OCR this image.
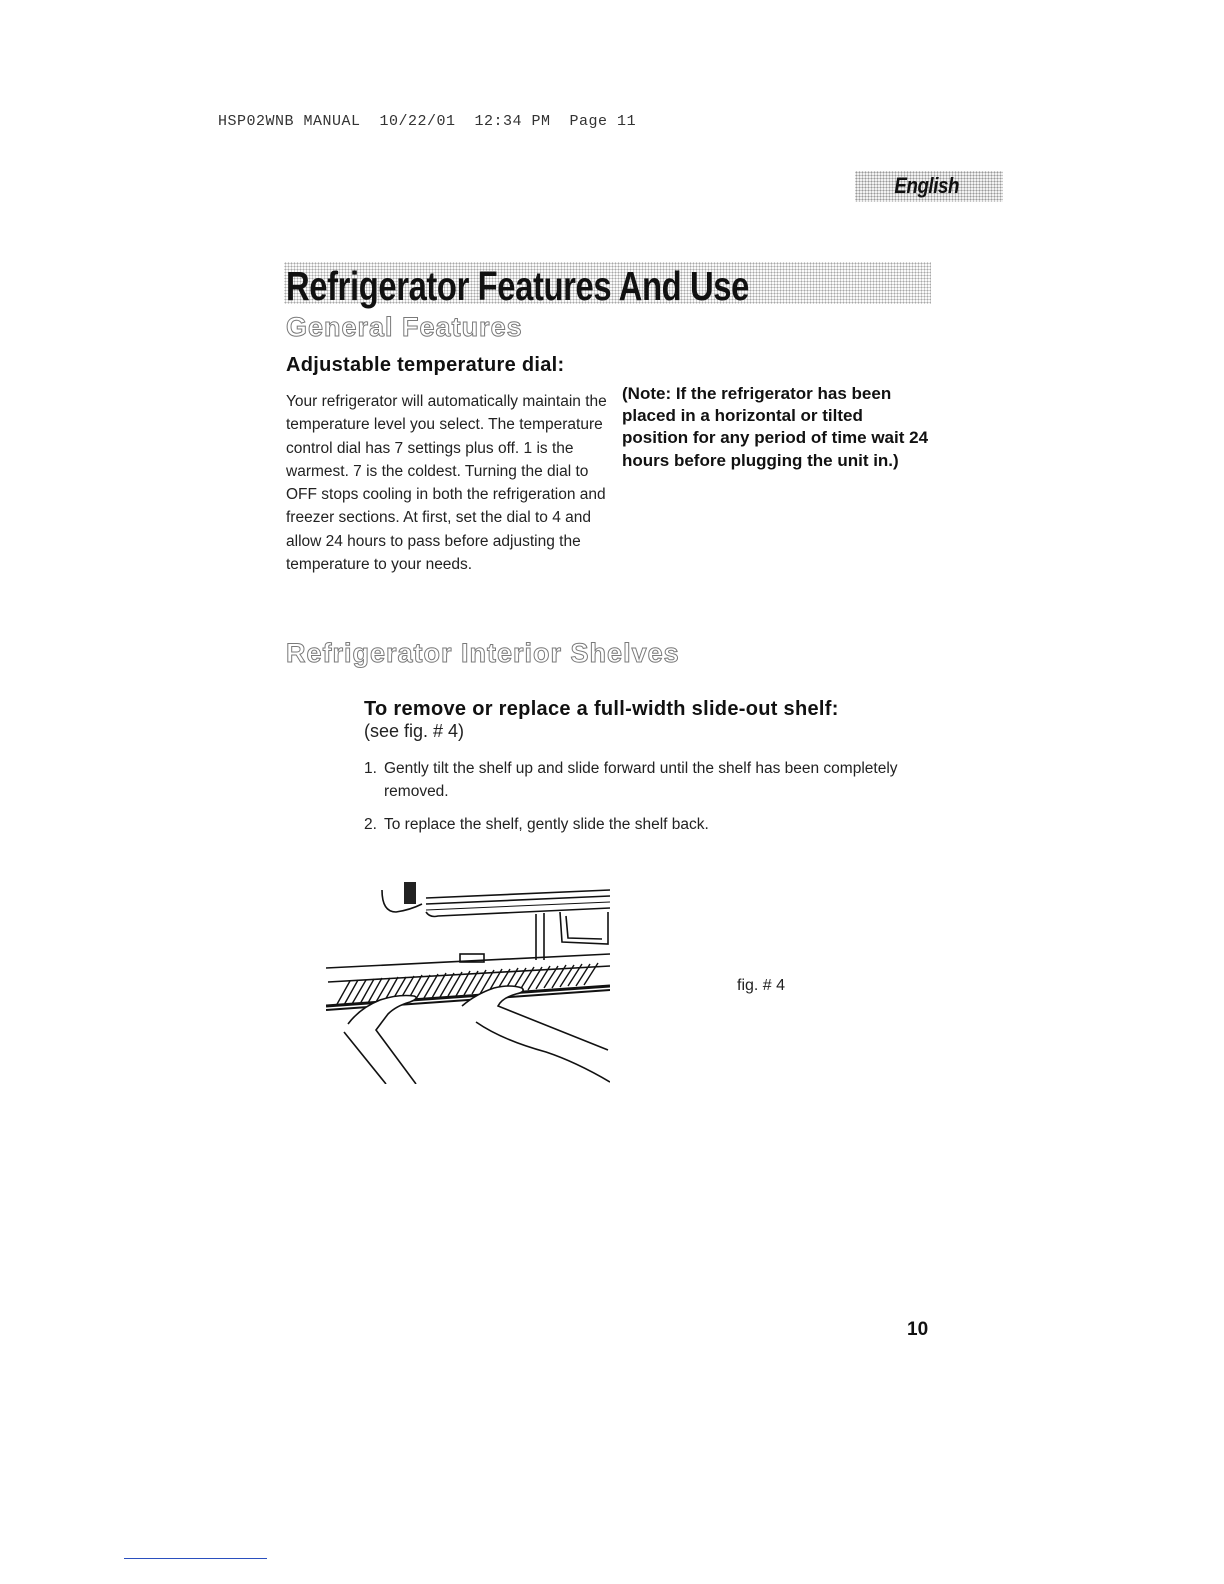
HSP02WNB MANUAL  10/22/01  12:34 PM  Page 11
English
Refrigerator Features And Use
General Features
Adjustable temperature dial:
Your refrigerator will automatically maintain the temperature level you select. The temperature control dial has 7 settings plus off. 1 is the warmest. 7 is the coldest. Turning the dial to OFF stops cooling in both the refrigeration and freezer sections. At first, set the dial to 4 and allow 24 hours to pass before adjusting the temperature to your needs.
(Note: If the refrigerator has been placed in a horizontal or tilted position for any period of time wait 24 hours before plugging the unit in.)
Refrigerator Interior Shelves
To remove or replace a full-width slide-out shelf:
(see fig. # 4)
1. Gently tilt the shelf up and slide forward until the shelf has been completely removed.
2. To replace the shelf, gently slide the shelf back.
fig. # 4
10
